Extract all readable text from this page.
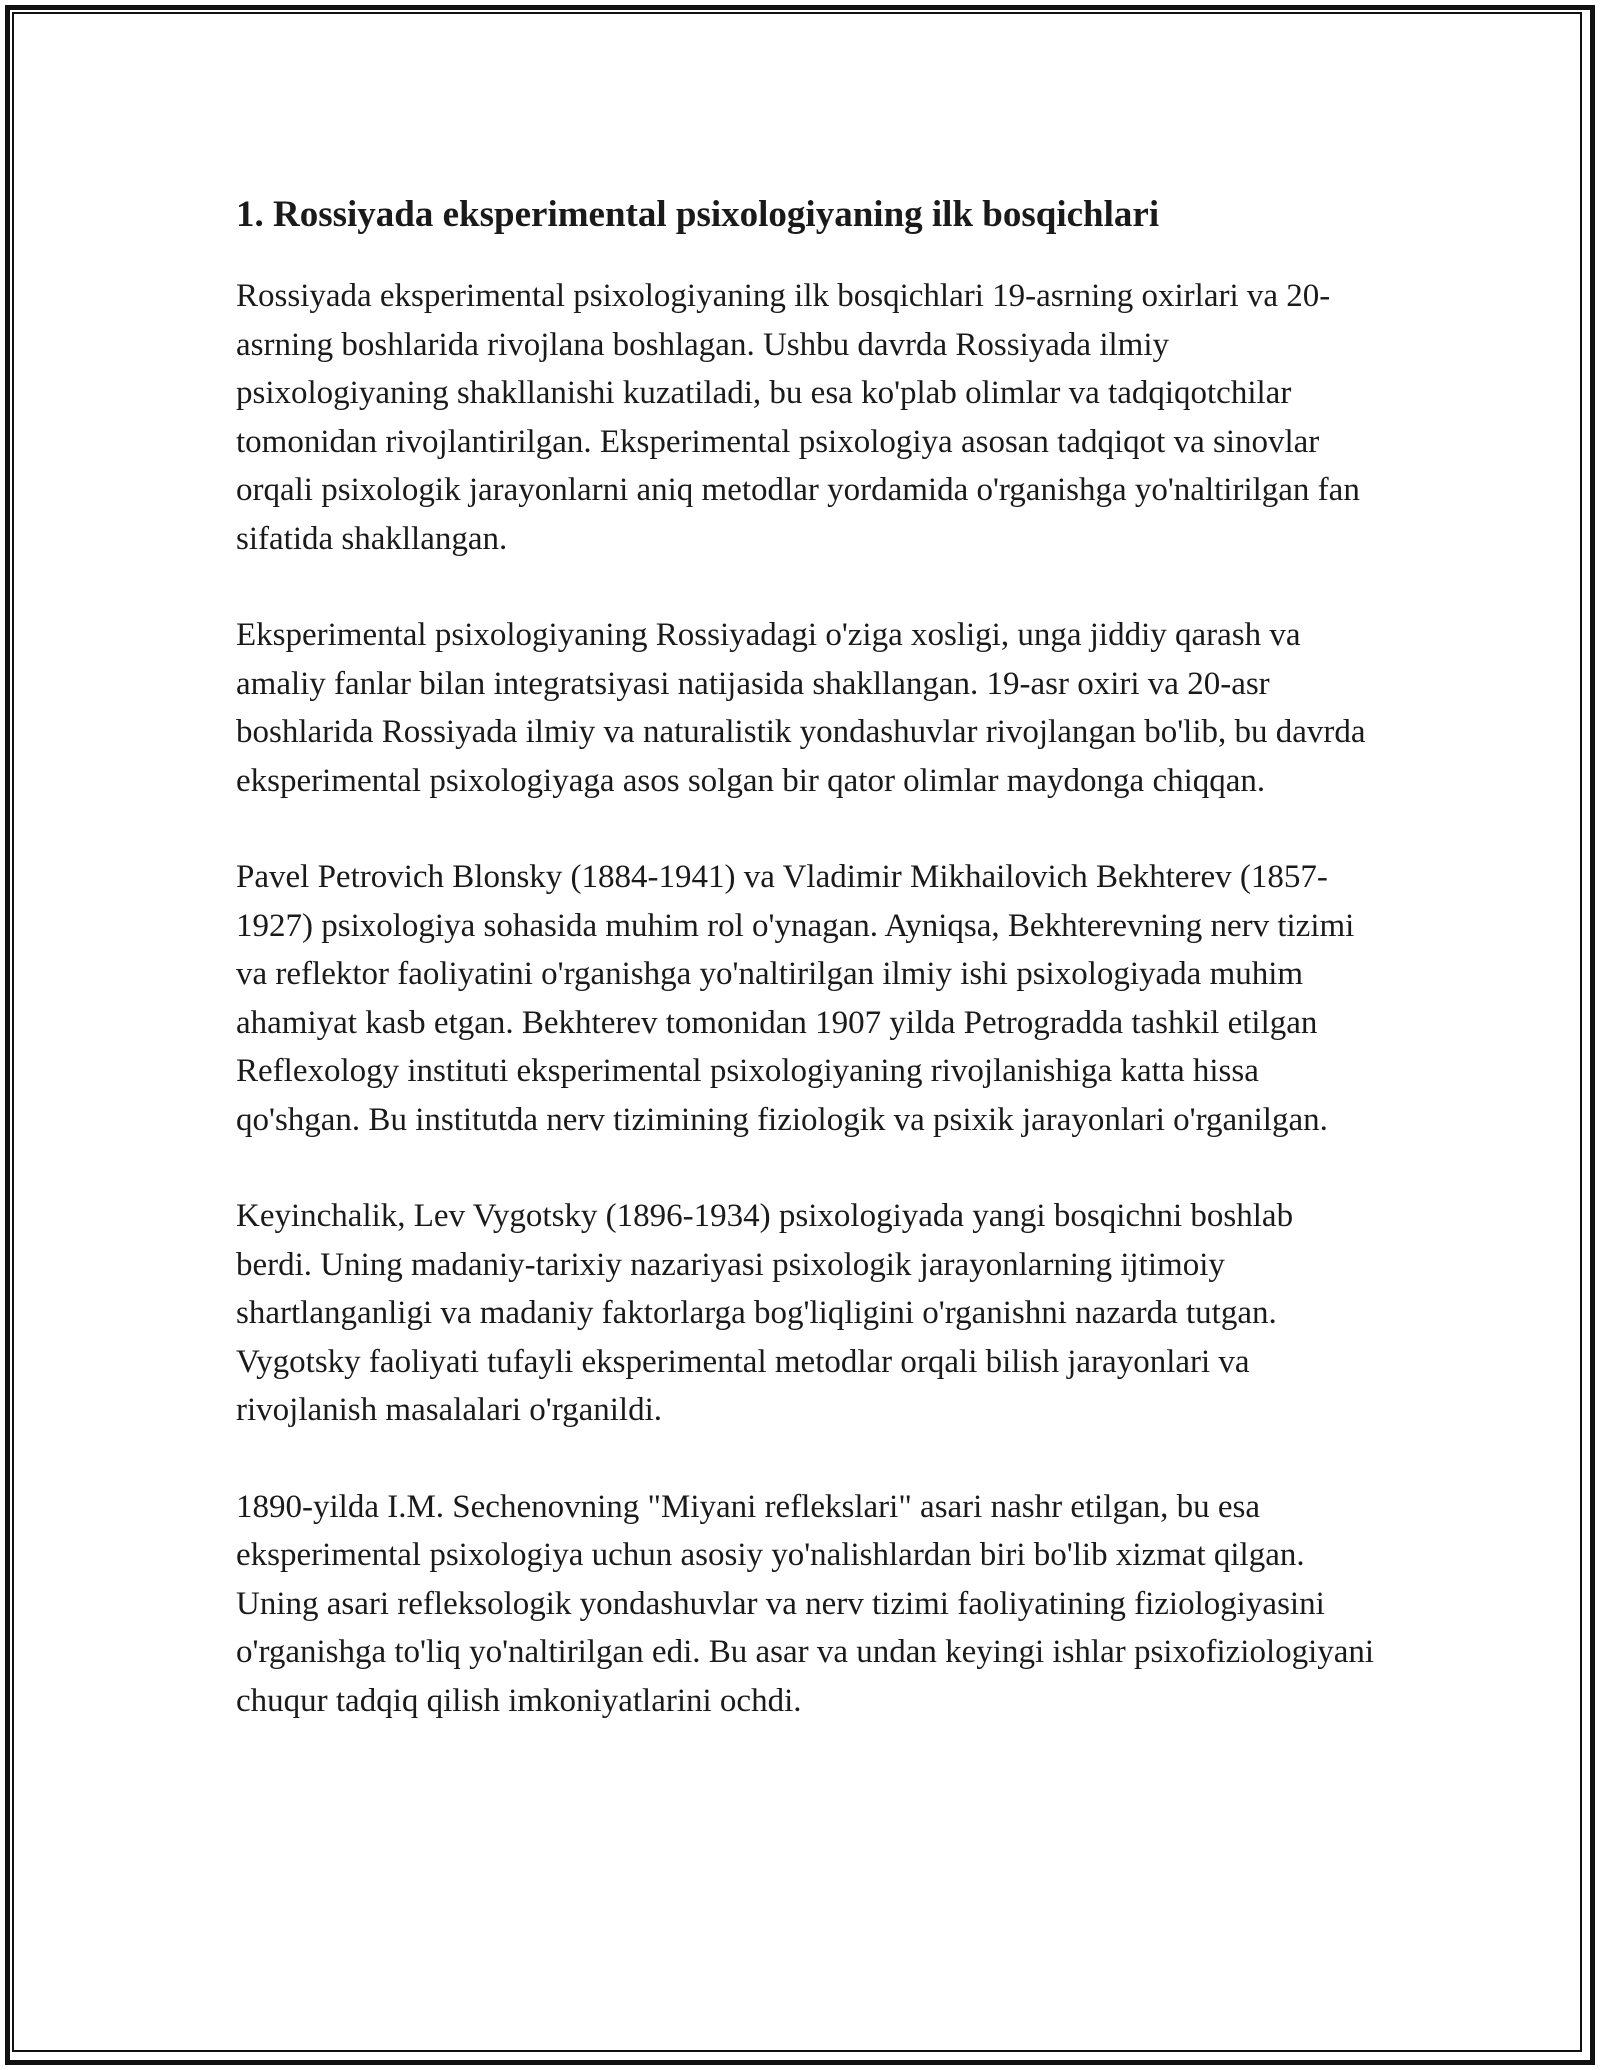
1. Rossiyada eksperimental psixologiyaning ilk bosqichlari

Rossiyada eksperimental psixologiyaning ilk bosqichlari 19-asrning oxirlari va 20-asrning boshlarida rivojlana boshlagan. Ushbu davrda Rossiyada ilmiy psixologiyaning shakllanishi kuzatiladi, bu esa ko'plab olimlar va tadqiqotchilar tomonidan rivojlantirilgan. Eksperimental psixologiya asosan tadqiqot va sinovlar orqali psixologik jarayonlarni aniq metodlar yordamida o'rganishga yo'naltirilgan fan sifatida shakllangan.

Eksperimental psixologiyaning Rossiyadagi o'ziga xosligi, unga jiddiy qarash va amaliy fanlar bilan integratsiyasi natijasida shakllangan. 19-asr oxiri va 20-asr boshlarida Rossiyada ilmiy va naturalistik yondashuvlar rivojlangan bo'lib, bu davrda eksperimental psixologiyaga asos solgan bir qator olimlar maydonga chiqqan.

Pavel Petrovich Blonsky (1884-1941) va Vladimir Mikhailovich Bekhterev (1857-1927) psixologiya sohasida muhim rol o'ynagan. Ayniqsa, Bekhterevning nerv tizimi va reflektor faoliyatini o'rganishga yo'naltirilgan ilmiy ishi psixologiyada muhim ahamiyat kasb etgan. Bekhterev tomonidan 1907 yilda Petrogradda tashkil etilgan Reflexology instituti eksperimental psixologiyaning rivojlanishiga katta hissa qo'shgan. Bu institutda nerv tizimining fiziologik va psixik jarayonlari o'rganilgan.

Keyinchalik, Lev Vygotsky (1896-1934) psixologiyada yangi bosqichni boshlab berdi. Uning madaniy-tarixiy nazariyasi psixologik jarayonlarning ijtimoiy shartlanganligi va madaniy faktorlarga bog'liqligini o'rganishni nazarda tutgan. Vygotsky faoliyati tufayli eksperimental metodlar orqali bilish jarayonlari va rivojlanish masalalari o'rganildi.

1890-yilda I.M. Sechenovning "Miyani reflekslari" asari nashr etilgan, bu esa eksperimental psixologiya uchun asosiy yo'nalishlardan biri bo'lib xizmat qilgan. Uning asari refleksologik yondashuvlar va nerv tizimi faoliyatining fiziologiyasini o'rganishga to'liq yo'naltirilgan edi. Bu asar va undan keyingi ishlar psixofiziologiyani chuqur tadqiq qilish imkoniyatlarini ochdi.
